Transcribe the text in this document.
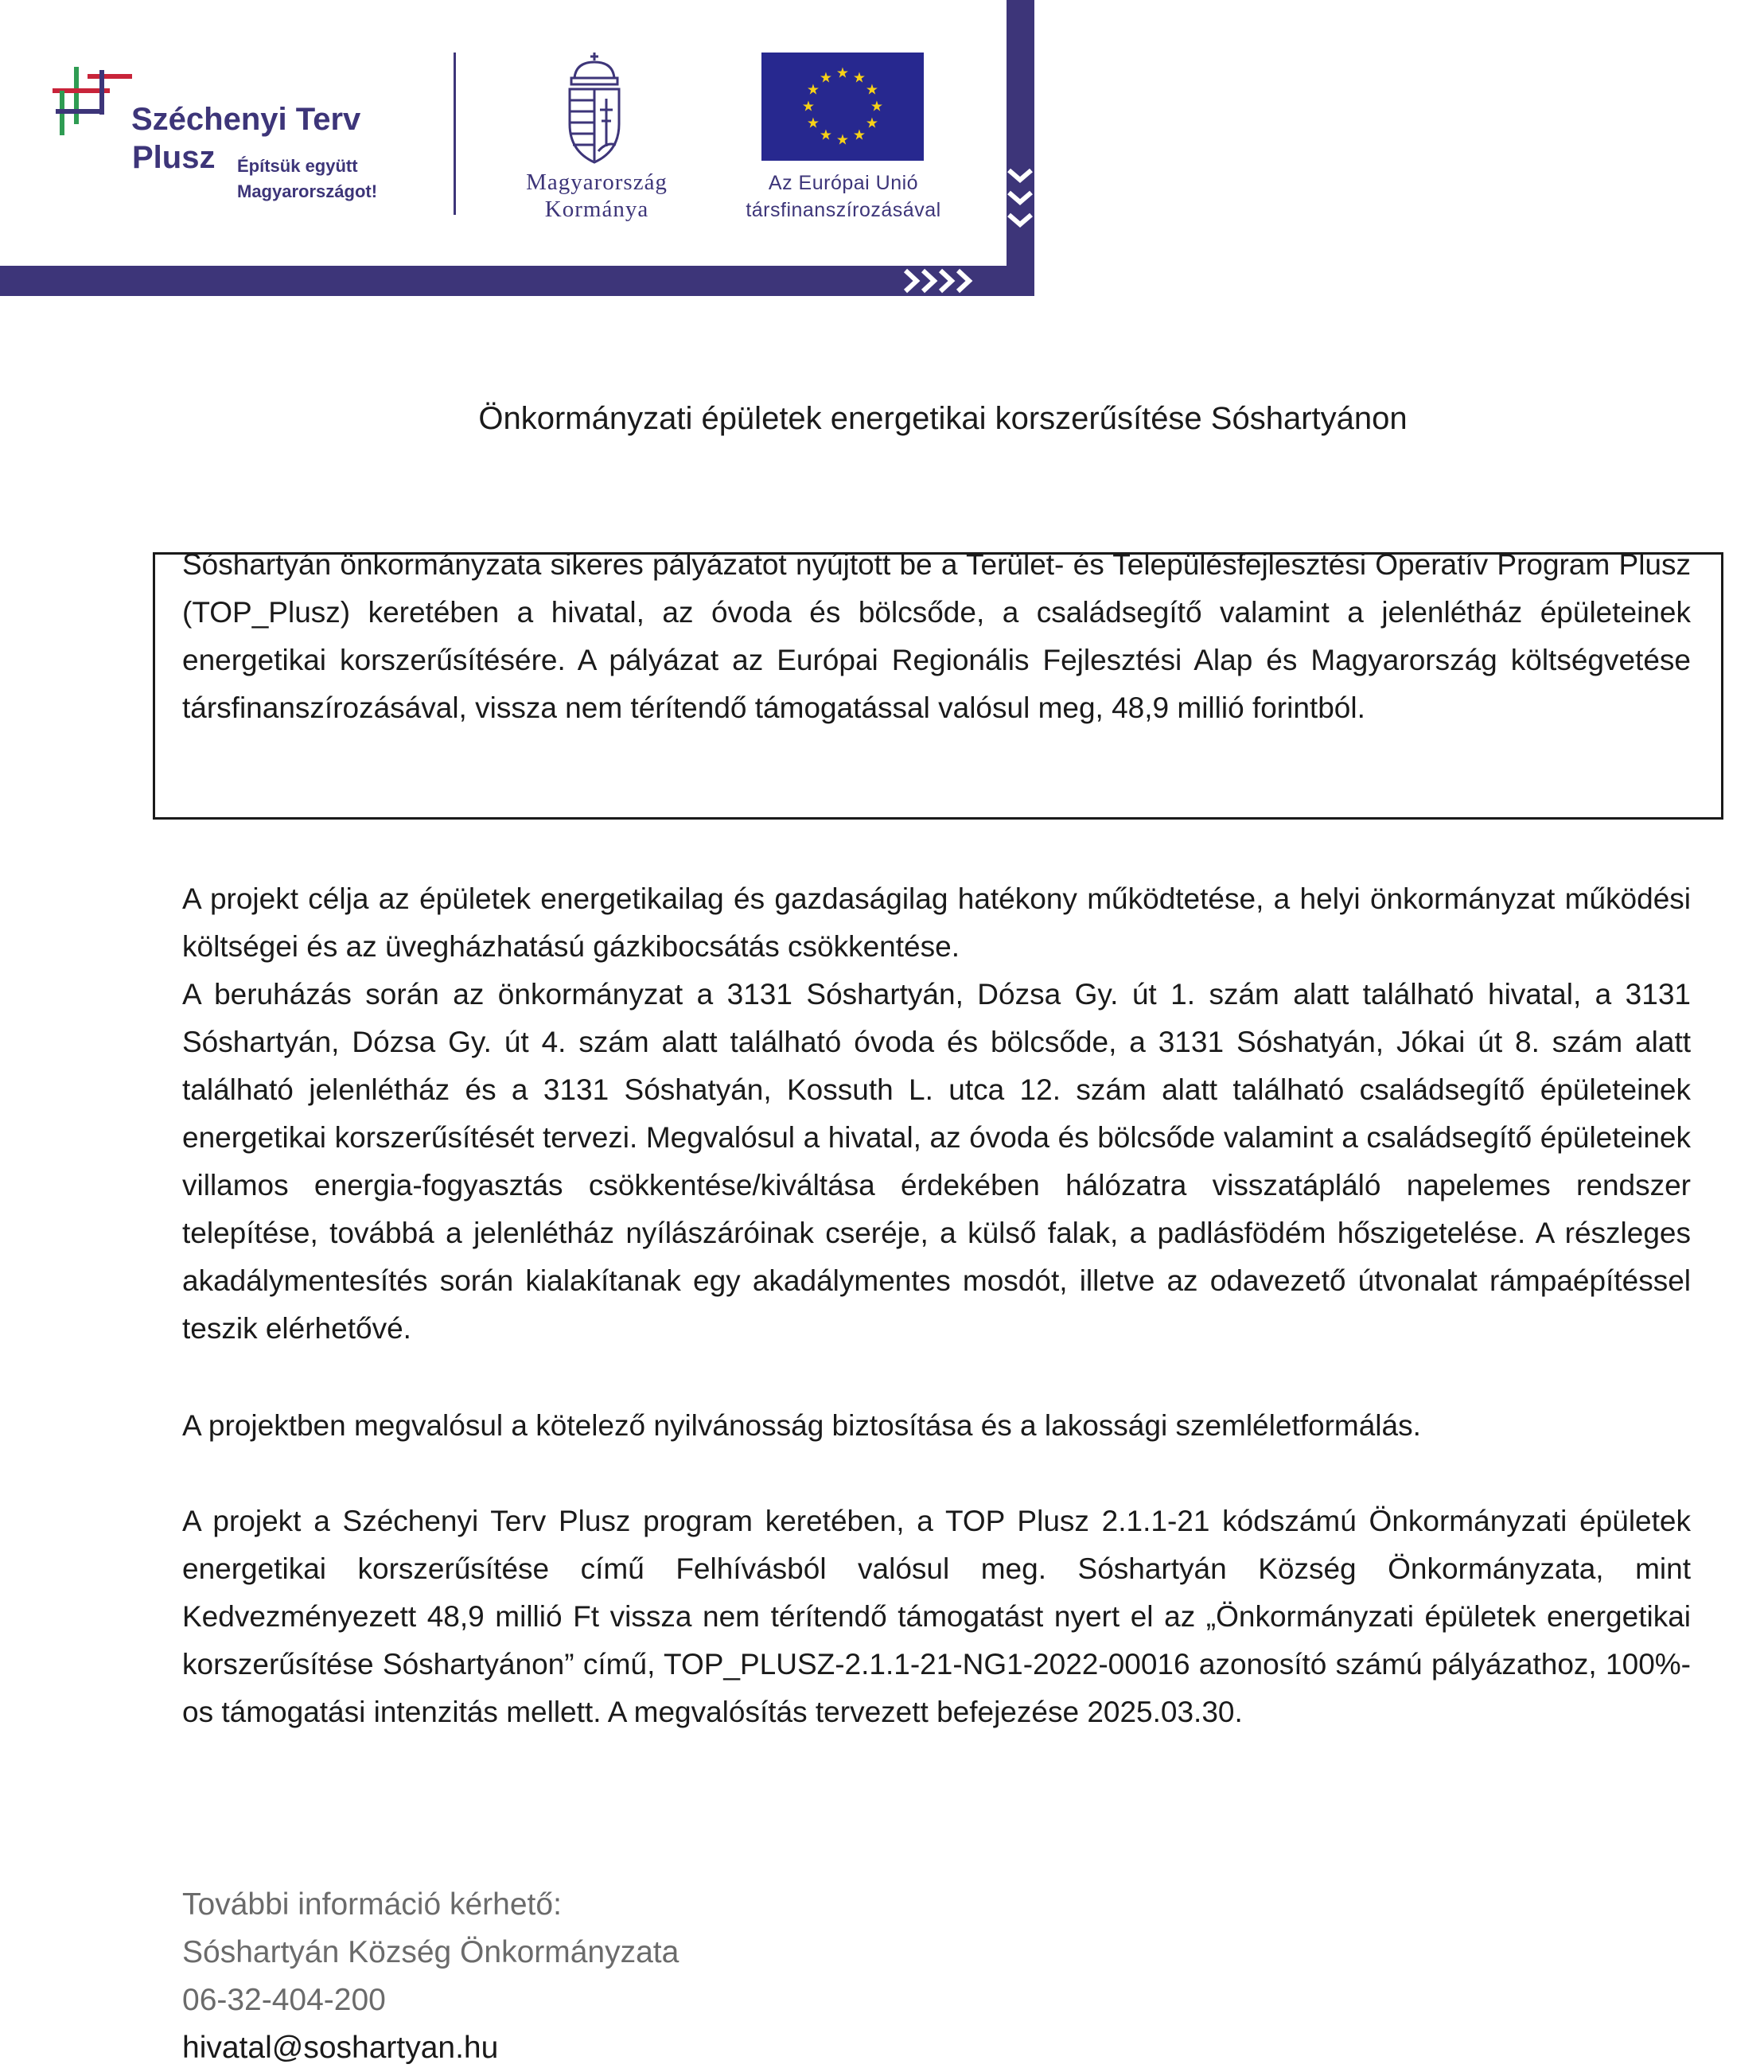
Széchenyi Terv
Plusz Építsük együtt
Magyarországot!	Magyarország
Kormánya
★ ★
★
★
★
★
★
★
★
★
★
★
Az Európai Unió
társfinanszírozásával
Önkormányzati épületek energetikai korszerűsítése Sóshartyánon

Sóshartyán önkormányzata sikeres pályázatot nyújtott be a Terület- és Településfejlesztési Operatív Program Plusz (TOP_Plusz) keretében a hivatal, az óvoda és bölcsőde, a családsegítő valamint a jelenlétház épületeinek energetikai korszerűsítésére. A pályázat az Európai Regionális Fejlesztési Alap és Magyarország költségvetése társfinanszírozásával, vissza nem térítendő támogatással valósul meg, 48,9 millió forintból.

A projekt célja az épületek energetikailag és gazdaságilag hatékony működtetése, a helyi önkormányzat működési költségei és az üvegházhatású gázkibocsátás csökkentése.
A beruházás során az önkormányzat a 3131 Sóshartyán, Dózsa Gy. út 1. szám alatt található hivatal, a 3131 Sóshartyán, Dózsa Gy. út 4. szám alatt található óvoda és bölcsőde, a 3131 Sóshatyán, Jókai út 8. szám alatt található jelenlétház és a 3131 Sóshatyán, Kossuth L. utca 12. szám alatt található családsegítő épületeinek energetikai korszerűsítését tervezi. Megvalósul a hivatal, az óvoda és bölcsőde valamint a családsegítő épületeinek villamos energia-fogyasztás csökkentése/kiváltása érdekében hálózatra visszatápláló napelemes rendszer telepítése, továbbá a jelenlétház nyílászáróinak cseréje, a külső falak, a padlásfödém hőszigetelése. A részleges akadálymentesítés során kialakítanak egy akadálymentes mosdót, illetve az odavezető útvonalat rámpaépítéssel teszik elérhetővé.

A projektben megvalósul a kötelező nyilvánosság biztosítása és a lakossági szemléletformálás.

A projekt a Széchenyi Terv Plusz program keretében, a TOP Plusz 2.1.1-21 kódszámú Önkormányzati épületek energetikai korszerűsítése című Felhívásból valósul meg. Sóshartyán Község Önkormányzata, mint Kedvezményezett 48,9 millió Ft vissza nem térítendő támogatást nyert el az „Önkormányzati épületek energetikai korszerűsítése Sóshartyánon” című, TOP_PLUSZ-2.1.1-21-NG1-2022-00016 azonosító számú pályázathoz, 100%-os támogatási intenzitás mellett. A megvalósítás tervezett befejezése 2025.03.30.

További információ kérhető:
Sóshartyán Község Önkormányzata
06-32-404-200
hivatal@soshartyan.hu
